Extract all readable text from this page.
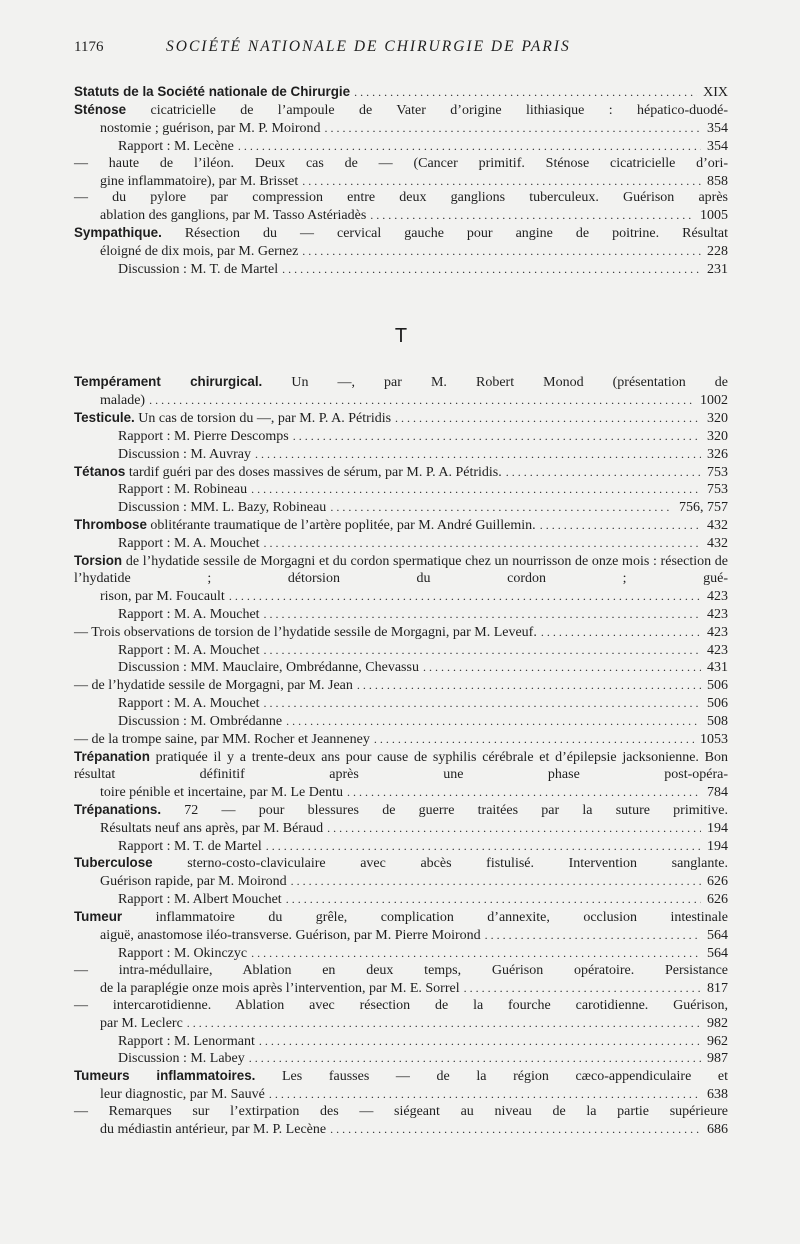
1176	SOCIÉTÉ NATIONALE DE CHIRURGIE DE PARIS
Statuts de la Société nationale de Chirurgie . . .	XIX
Sténose cicatricielle de l’ampoule de Vater d’origine lithiasique : hépatico-duodé-
nostomie ; guérison, par M. P. Moirond . . .	354
Rapport : M. Lecène . . .	354
— haute de l’iléon. Deux cas de — (Cancer primitif. Sténose cicatricielle d’ori-
gine inflammatoire), par M. Brisset . . .	858
— du pylore par compression entre deux ganglions tuberculeux. Guérison après
ablation des ganglions, par M. Tasso Astériadès . . .	1005
Sympathique. Résection du — cervical gauche pour angine de poitrine. Résultat
éloigné de dix mois, par M. Gernez . . .	228
Discussion : M. T. de Martel . . .	231
T
Tempérament chirurgical. Un —, par M. Robert Monod (présentation de
malade) . . .	1002
Testicule. Un cas de torsion du —, par M. P. A. Pétridis . . .	320
Rapport : M. Pierre Descomps . . .	320
Discussion : M. Auvray . . .	326
Tétanos tardif guéri par des doses massives de sérum, par M. P. A. Pétridis. . . .	753
Rapport : M. Robineau . . .	753
Discussion : MM. L. Bazy, Robineau . . .	756, 757
Thrombose oblitérante traumatique de l’artère poplitée, par M. André Guillemin. . . .	432
Rapport : M. A. Mouchet . . .	432
Torsion de l’hydatide sessile de Morgagni et du cordon spermatique chez un nourrisson de onze mois : résection de l’hydatide ; détorsion du cordon ; gué-
rison, par M. Foucault . . .	423
Rapport : M. A. Mouchet . . .	423
— Trois observations de torsion de l’hydatide sessile de Morgagni, par M. Leveuf. . . .	423
Rapport : M. A. Mouchet . . .	423
Discussion : MM. Mauclaire, Ombrédanne, Chevassu . . .	431
— de l’hydatide sessile de Morgagni, par M. Jean . . .	506
Rapport : M. A. Mouchet . . .	506
Discussion : M. Ombrédanne . . .	508
— de la trompe saine, par MM. Rocher et Jeanneney . . .	1053
Trépanation pratiquée il y a trente-deux ans pour cause de syphilis cérébrale et d’épilepsie jacksonienne. Bon résultat définitif après une phase post-opéra-
toire pénible et incertaine, par M. Le Dentu . . .	784
Trépanations. 72 — pour blessures de guerre traitées par la suture primitive.
Résultats neuf ans après, par M. Béraud . . .	194
Rapport : M. T. de Martel . . .	194
Tuberculose sterno-costo-claviculaire avec abcès fistulisé. Intervention sanglante.
Guérison rapide, par M. Moirond . . .	626
Rapport : M. Albert Mouchet . . .	626
Tumeur inflammatoire du grêle, complication d’annexite, occlusion intestinale
aiguë, anastomose iléo-transverse. Guérison, par M. Pierre Moirond . . .	564
Rapport : M. Okinczyc . . .	564
— intra-médullaire, Ablation en deux temps, Guérison opératoire. Persistance
de la paraplégie onze mois après l’intervention, par M. E. Sorrel . . .	817
— intercarotidienne. Ablation avec résection de la fourche carotidienne. Guérison,
par M. Leclerc . . .	982
Rapport : M. Lenormant . . .	962
Discussion : M. Labey . . .	987
Tumeurs inflammatoires. Les fausses — de la région cæco-appendiculaire et
leur diagnostic, par M. Sauvé . . .	638
— Remarques sur l’extirpation des — siégeant au niveau de la partie supérieure
du médiastin antérieur, par M. P. Lecène . . .	686
